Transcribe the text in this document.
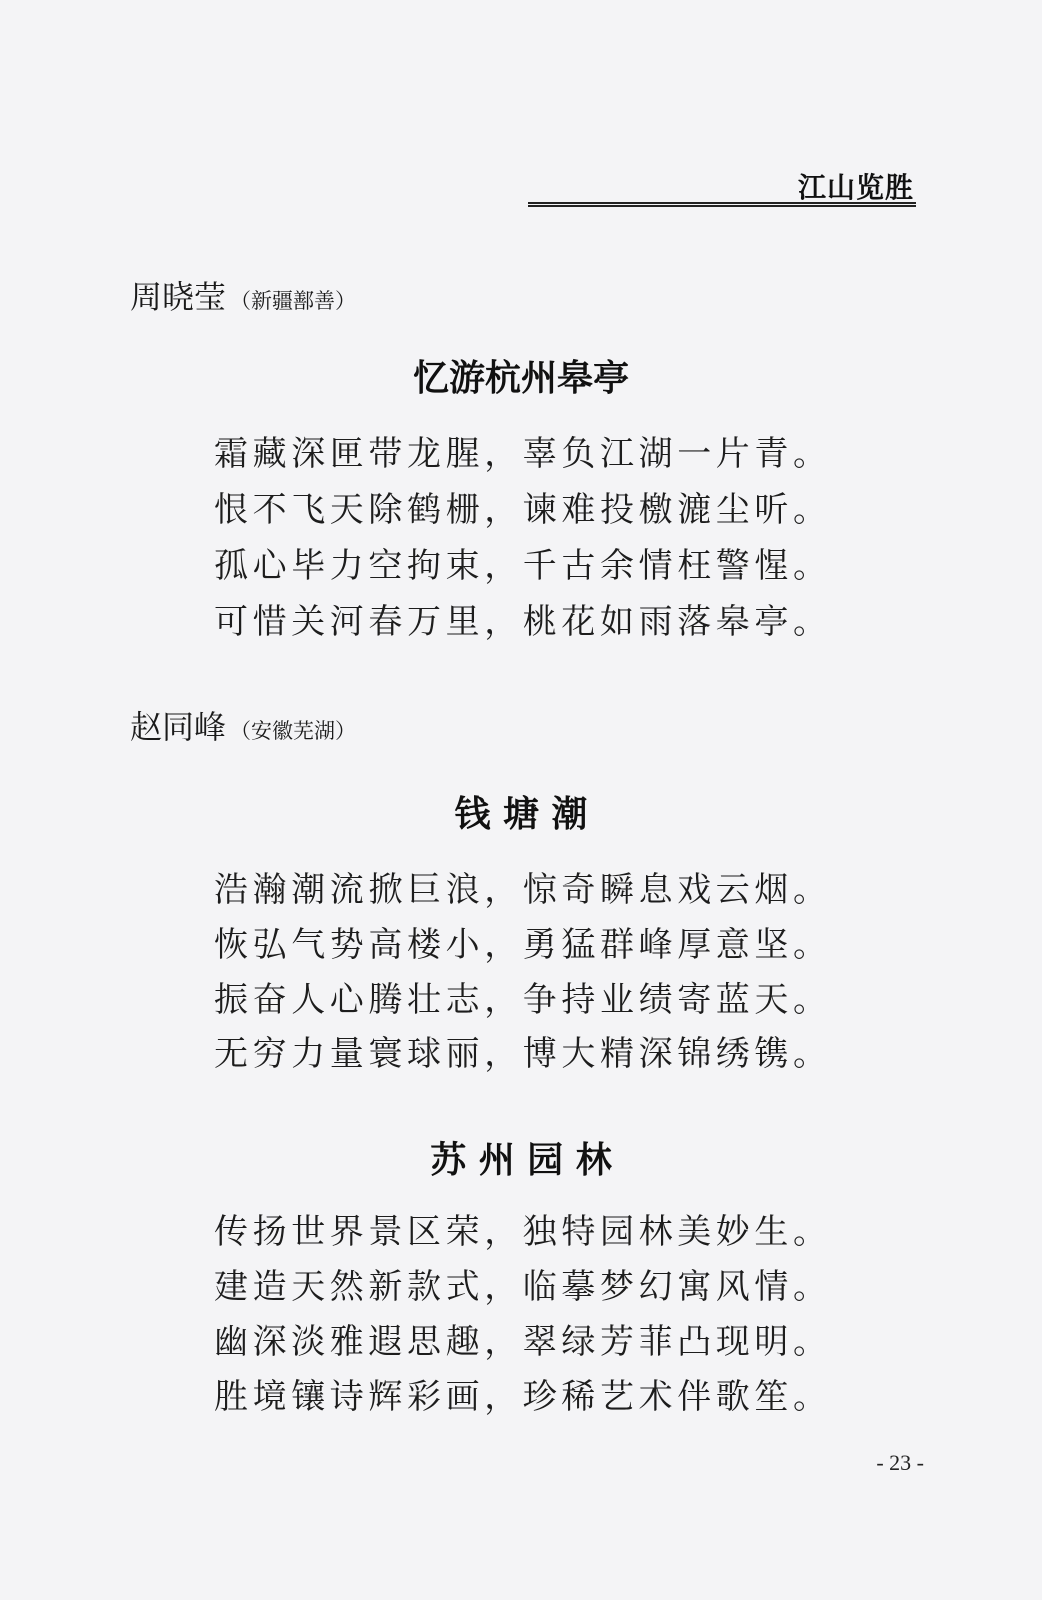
江山览胜
周晓莹 （新疆鄯善）
忆游杭州皋亭
霜藏深匣带龙腥，辜负江湖一片青。
恨不飞天除鹤栅，谏难投檄漉尘听。
孤心毕力空拘束，千古余情枉警惺。
可惜关河春万里，桃花如雨落皋亭。
赵同峰 （安徽芜湖）
钱 塘 潮
浩瀚潮流掀巨浪，惊奇瞬息戏云烟。
恢弘气势高楼小，勇猛群峰厚意坚。
振奋人心腾壮志，争持业绩寄蓝天。
无穷力量寰球丽，博大精深锦绣镌。
苏 州 园 林
传扬世界景区荣，独特园林美妙生。
建造天然新款式，临摹梦幻寓风情。
幽深淡雅遐思趣，翠绿芳菲凸现明。
胜境镶诗辉彩画，珍稀艺术伴歌笙。
- 23 -
